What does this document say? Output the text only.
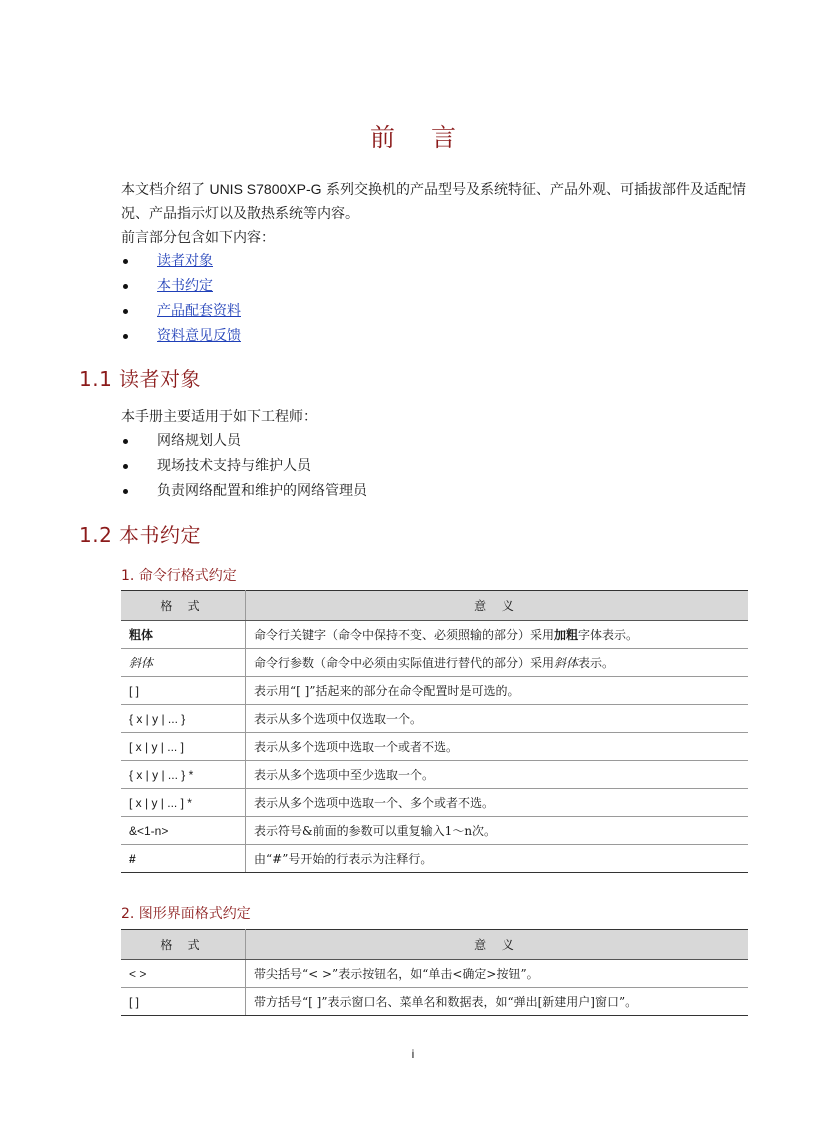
前 言
本文档介绍了 UNIS S7800XP-G 系列交换机的产品型号及系统特征、产品外观、可插拔部件及适配情况、产品指示灯以及散热系统等内容。
前言部分包含如下内容：
读者对象
本书约定
产品配套资料
资料意见反馈
1.1 读者对象
本手册主要适用于如下工程师：
网络规划人员
现场技术支持与维护人员
负责网络配置和维护的网络管理员
1.2 本书约定
1. 命令行格式约定
格 式	意 义
粗体	命令行关键字（命令中保持不变、必须照输的部分）采用加粗字体表示。
斜体	命令行参数（命令中必须由实际值进行替代的部分）采用斜体表示。
[ ]	表示用“[ ]”括起来的部分在命令配置时是可选的。
{ x | y | ... }	表示从多个选项中仅选取一个。
[ x | y | ... ]	表示从多个选项中选取一个或者不选。
{ x | y | ... } *	表示从多个选项中至少选取一个。
[ x | y | ... ] *	表示从多个选项中选取一个、多个或者不选。
&<1-n>	表示符号&前面的参数可以重复输入1～n次。
#	由“#”号开始的行表示为注释行。
2. 图形界面格式约定
格 式	意 义
< >	带尖括号“< >”表示按钮名，如“单击<确定>按钮”。
[ ]	带方括号“[ ]”表示窗口名、菜单名和数据表，如“弹出[新建用户]窗口”。
i
